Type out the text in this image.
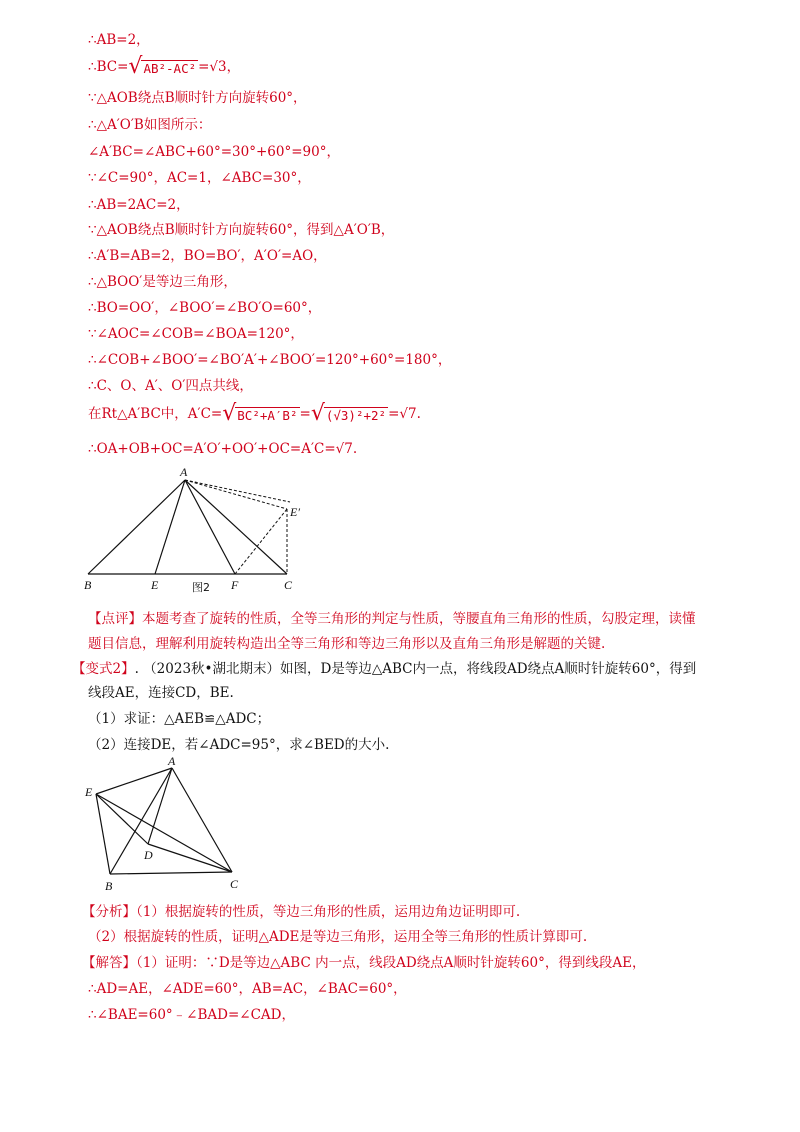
∴AB=2，
∴BC= √ AB²-AC² =√3，
∵△AOB绕点B顺时针方向旋转60°，
∴△A′O′B如图所示：
∠A′BC=∠ABC+60°=30°+60°=90°，
∵∠C=90°，AC=1，∠ABC=30°，
∴AB=2AC=2，
∵△AOB绕点B顺时针方向旋转60°，得到△A′O′B，
∴A′B=AB=2，BO=BO′，A′O′=AO，
∴△BOO′是等边三角形，
∴BO=OO′，∠BOO′=∠BO′O=60°，
∵∠AOC=∠COB=∠BOA=120°，
∴∠COB+∠BOO′=∠BO′A′+∠BOO′=120°+60°=180°，
∴C、O、A′、O′四点共线，
在Rt△A′BC中，A′C= √ BC²+A′B² = √ (√3)²+2² =√7.
∴OA+OB+OC=A′O′+OO′+OC=A′C=√7.
A
E′
B	E	F	C
图2
【点评】本题考查了旋转的性质，全等三角形的判定与性质，等腰直角三角形的性质，勾股定理，读懂
题目信息，理解利用旋转构造出全等三角形和等边三角形以及直角三角形是解题的关键.
【变式2】. （2023秋•湖北期末）如图，D是等边△ABC内一点，将线段AD绕点A顺时针旋转60°，得到
线段AE，连接CD，BE.
（1）求证：△AEB≌△ADC；
（2）连接DE，若∠ADC=95°，求∠BED的大小.
A
E
D
B	C
【分析】（1）根据旋转的性质，等边三角形的性质，运用边角边证明即可.
（2）根据旋转的性质，证明△ADE是等边三角形，运用全等三角形的性质计算即可.
【解答】（1）证明：∵D是等边△ABC 内一点，线段AD绕点A顺时针旋转60°，得到线段AE，
∴AD=AE，∠ADE=60°，AB=AC，∠BAC=60°，
∴∠BAE=60°﹣∠BAD=∠CAD，
